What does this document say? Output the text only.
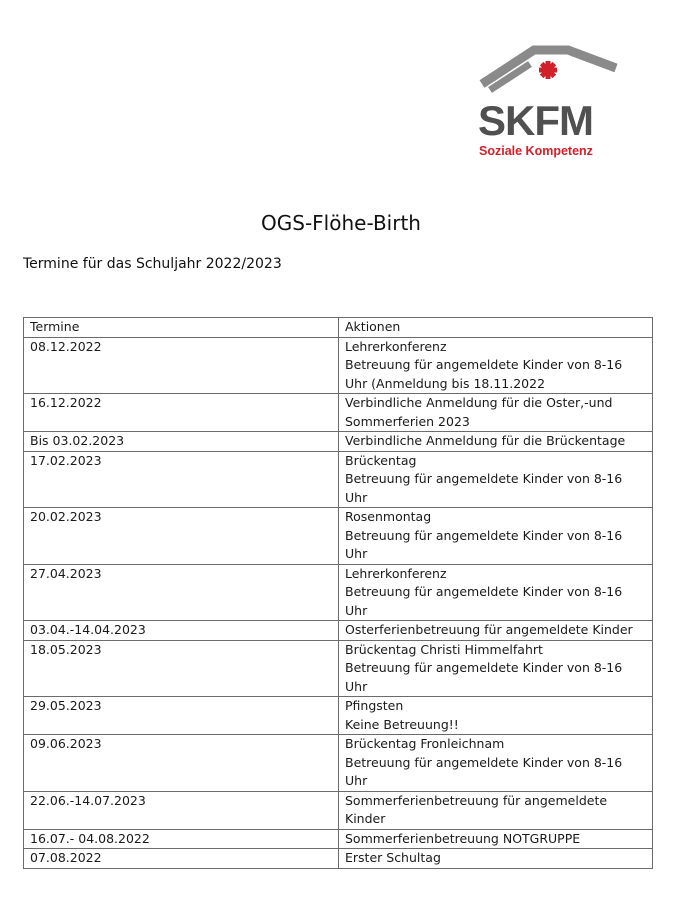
SKFM
Soziale Kompetenz
OGS-Flöhe-Birth
Termine für das Schuljahr 2022/2023
Termine	Aktionen
08.12.2022	Lehrerkonferenz
Betreuung für angemeldete Kinder von 8-16
Uhr (Anmeldung bis 18.11.2022

16.12.2022	Verbindliche Anmeldung für die Oster,-und
Sommerferien 2023

Bis 03.02.2023	Verbindliche Anmeldung für die Brückentage

17.02.2023	Brückentag
Betreuung für angemeldete Kinder von 8-16
Uhr

20.02.2023	Rosenmontag
Betreuung für angemeldete Kinder von 8-16
Uhr

27.04.2023	Lehrerkonferenz
Betreuung für angemeldete Kinder von 8-16
Uhr

03.04.-14.04.2023	Osterferienbetreuung für angemeldete Kinder

18.05.2023	Brückentag Christi Himmelfahrt
Betreuung für angemeldete Kinder von 8-16
Uhr

29.05.2023	Pfingsten
Keine Betreuung!!

09.06.2023	Brückentag Fronleichnam
Betreuung für angemeldete Kinder von 8-16
Uhr

22.06.-14.07.2023	Sommerferienbetreuung für angemeldete
Kinder

16.07.- 04.08.2022	Sommerferienbetreuung NOTGRUPPE

07.08.2022	Erster Schultag
